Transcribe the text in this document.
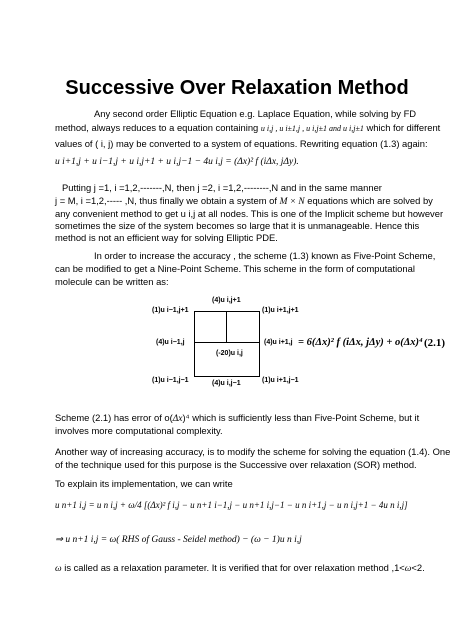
Successive Over Relaxation Method
Any second order Elliptic Equation e.g. Laplace Equation, while solving by FD
method, always reduces to a equation containing u i,j , u i±1,j , u i,j±1 and u i,j±1 which for different
values of ( i, j) may be converted to a system of equations. Rewriting equation (1.3) again:
u i+1,j + u i−1,j + u i,j+1 + u i,j−1 − 4u i,j = (Δx)² f (iΔx, jΔy).
Putting j =1, i =1,2,-------,N, then j =2, i =1,2,--------,N and in the same manner
j = M, i =1,2,----- ,N, thus finally we obtain a system of M × N equations which are solved by
any convenient method to get u i,j at all nodes. This is one of the Implicit scheme but however
sometimes the size of the system becomes so large that it is unmanageable. Hence this
method is not an efficient way for solving Elliptic PDE.
In order to increase the accuracy , the scheme (1.3) known as Five-Point Scheme,
can be modified to get a Nine-Point Scheme. This scheme in the form of computational
molecule can be written as:
(4)u i,j+1
(1)u i−1,j+1	(1)u i+1,j+1
(4)u i−1,j
(-20)u i,j
(4)u i+1,j
(1)u i−1,j−1	(4)u i,j−1	(1)u i+1,j−1
= 6(Δx)² f (iΔx, jΔy) + o(Δx)⁴ (2.1)
Scheme (2.1) has error of o(Δx)⁴ which is sufficiently less than Five-Point Scheme, but it
involves more computational complexity.
Another way of increasing accuracy, is to modify the scheme for solving the equation (1.4). One
of the technique used for this purpose is the Successive over relaxation (SOR) method.
To explain its implementation, we can write
u n+1 i,j = u n i,j + ω/4 [(Δx)² f i,j − u n+1 i−1,j − u n+1 i,j−1 − u n i+1,j − u n i,j+1 − 4u n i,j]
⇒ u n+1 i,j = ω( RHS of Gauss - Seidel method) − (ω − 1)u n i,j
ω is called as a relaxation parameter. It is verified that for over relaxation method ,1<ω<2.
